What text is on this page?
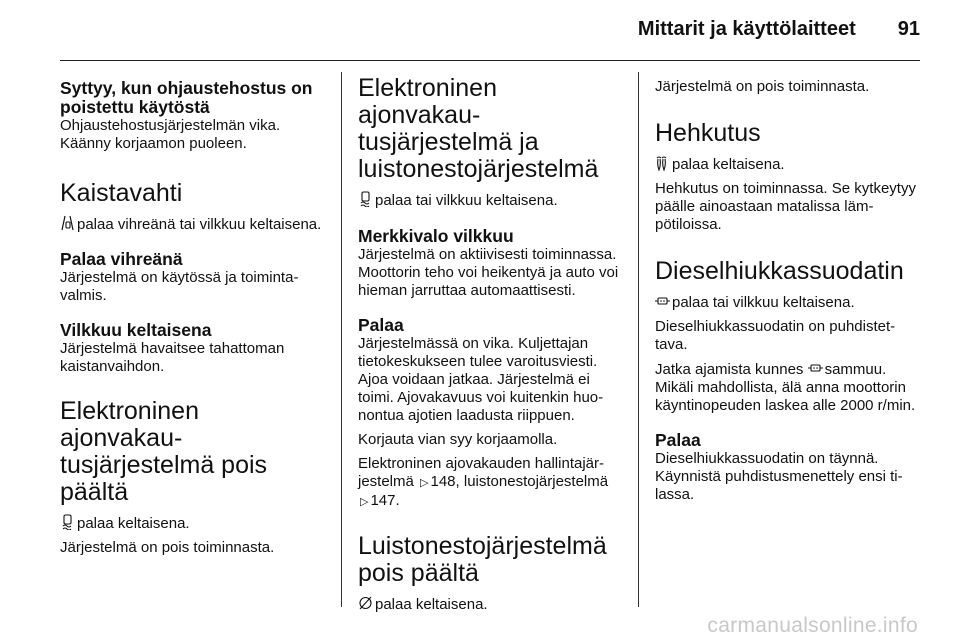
Mittarit ja käyttölaitteet 91
Syttyy, kun ohjaustehostus on poistettu käytöstä

Ohjaustehostusjärjestelmän vika. Käänny korjaamon puoleen.

Kaistavahti

palaa vihreänä tai vilkkuu keltaisena.

Palaa vihreänä

Järjestelmä on käytössä ja toimintavalmis.

Vilkkuu keltaisena

Järjestelmä havaitsee tahattoman kaistanvaihdon.

Elektroninen ajonvakautusjärjestelmä pois päältä

palaa keltaisena.

Järjestelmä on pois toiminnasta.

Elektroninen ajonvakautusjärjestelmä ja luistonestojärjestelmä

palaa tai vilkkuu keltaisena.

Merkkivalo vilkkuu

Järjestelmä on aktiivisesti toiminnassa. Moottorin teho voi heikentyä ja auto voi hieman jarruttaa automaattisesti.

Palaa

Järjestelmässä on vika. Kuljettajan tietokeskukseen tulee varoitusviesti. Ajoa voidaan jatkaa. Järjestelmä ei toimi. Ajovakavuus voi kuitenkin huonontua ajotien laadusta riippuen.

Korjauta vian syy korjaamolla.

Elektroninen ajovakauden hallintajärjestelmä ▷ 148, luistonestojärjestelmä ▷ 147.

Luistonestojärjestelmä pois päältä

palaa keltaisena.

Järjestelmä on pois toiminnasta.

Hehkutus

palaa keltaisena.

Hehkutus on toiminnassa. Se kytkeytyy päälle ainoastaan matalissa lämpötiloissa.

Dieselhiukkassuodatin

palaa tai vilkkuu keltaisena.

Dieselhiukkassuodatin on puhdistettava.

Jatka ajamista kunnes sammuu. Mikäli mahdollista, älä anna moottorin käyntinopeuden laskea alle 2000 r/min.

Palaa

Dieselhiukkassuodatin on täynnä. Käynnistä puhdistusmenettely ensi tilassa.

carmanualsonline.info
